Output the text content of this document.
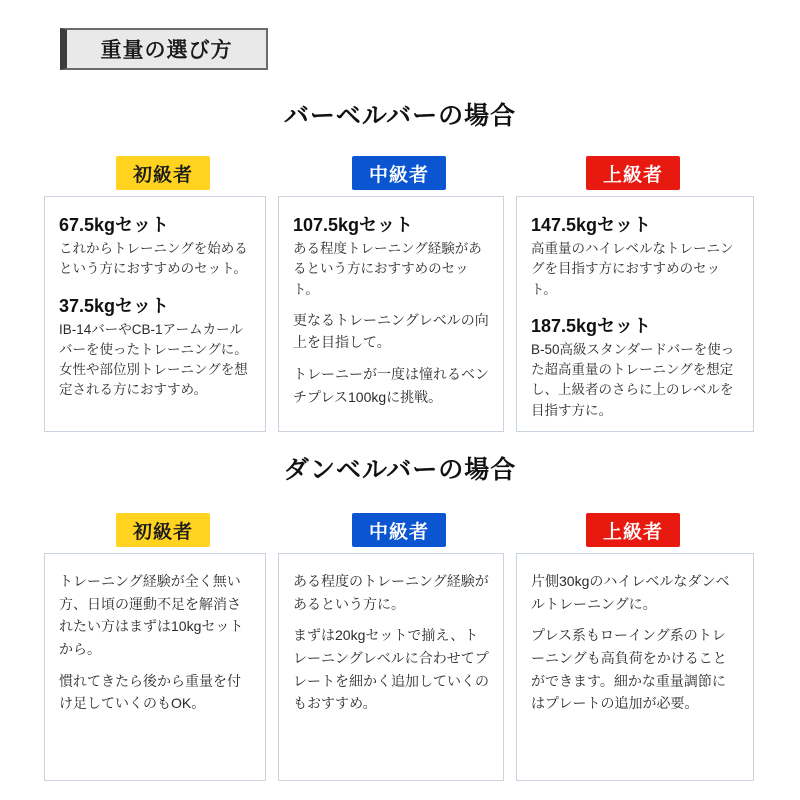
重量の選び方
バーベルバーの場合
初級者	中級者	上級者
67.5kgセット

これからトレーニングを始めるという方におすすめのセット。

37.5kgセット

IB-14バーやCB-1アームカールバーを使ったトレーニングに。女性や部位別トレーニングを想定される方におすすめ。

107.5kgセット

ある程度トレーニング経験があるという方におすすめのセット。

更なるトレーニングレベルの向上を目指して。

トレーニーが一度は憧れるベンチプレス100kgに挑戦。

147.5kgセット

高重量のハイレベルなトレーニングを目指す方におすすめのセット。

187.5kgセット

B-50高級スタンダードバーを使った超高重量のトレーニングを想定し、上級者のさらに上のレベルを目指す方に。

ダンベルバーの場合
初級者	中級者	上級者

トレーニング経験が全く無い方、日頃の運動不足を解消されたい方はまずは10kgセットから。

慣れてきたら後から重量を付け足していくのもOK。

ある程度のトレーニング経験があるという方に。

まずは20kgセットで揃え、トレーニングレベルに合わせてプレートを細かく追加していくのもおすすめ。

片側30kgのハイレベルなダンベルトレーニングに。

プレス系もローイング系のトレーニングも高負荷をかけることができます。細かな重量調節にはプレートの追加が必要。
